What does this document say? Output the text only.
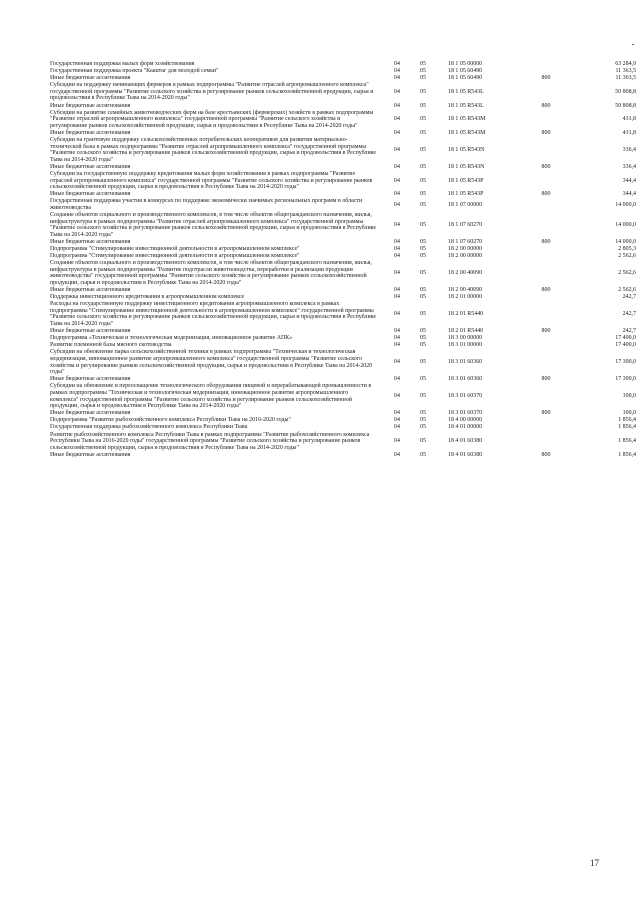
Государственная поддержка малых форм хозяйствования	04	05	18 1 05 00000		63 284,9
Государственная поддержка проекта "Кыштаг для молодой семьи"	04	05	18 1 05 60490		11 363,5
Иные бюджетные ассигнования	04	05	18 1 05 60490	800	11 363,5
Субсидии на поддержку начинающих фермеров в рамках подпрограммы "Развитие отраслей агропромышленного комплекса" государственной программы "Развитие сельского хозяйства и регулирование рынков сельскохозяйственной продукции, сырья и продовольствия в Республике Тыва на 2014-2020 годы"	04	05	18 1 05 R543L		50 808,8
Иные бюджетные ассигнования	04	05	18 1 05 R543L	800	50 808,8
Субсидии на развитие семейных животноводческих ферм на базе крестьянских (фермерских) хозяйств в рамках подпрограммы "Развитие отраслей агропромышленного комплекса" государственной программы "Развитие сельского хозяйства и регулирование рынков сельскохозяйственной продукции, сырья и продовольствия в Республике Тыва на 2014-2020 годы"	04	05	18 1 05 R543M		431,8
Иные бюджетные ассигнования	04	05	18 1 05 R543M	800	431,8
Субсидии на грантовую поддержку сельскохозяйственных потребительских кооперативов для развития материально-технической базы в рамках подпрограммы "Развитие отраслей агропромышленного комплекса" государственной программы "Развитие сельского хозяйства и регулирование рынков сельскохозяйственной продукции, сырья и продовольствия в Республике Тыва на 2014-2020 годы"	04	05	18 1 05 R543N		336,4
Иные бюджетные ассигнования	04	05	18 1 05 R543N	800	336,4
Субсидии на государственную поддержку кредитования малых форм хозяйствования в рамках подпрограммы "Развитие отраслей агропромышленного комплекса" государственной программы "Развитие сельского хозяйства и регулирование рынков сельскохозяйственной продукции, сырья и продовольствия в Республике Тыва на 2014-2020 годы"	04	05	18 1 05 R543P		344,4
Иные бюджетные ассигнования	04	05	18 1 05 R543P	800	344,4
Государственная поддержка участия в конкурсах по поддержке экономически значимых региональных программ в области животноводства	04	05	18 1 07 00000		14 000,0
Создание объектов социального и производственного комплексов, в том числе объектов общегражданского назначения, жилья, инфраструктуры в рамках подпрограммы "Развитие отраслей агропромышленного комплекса" государственной программы "Развитие сельского хозяйства и регулирование рынков сельскохозяйственной продукции, сырья и продовольствия в Республике Тыва на 2014-2020 годы"	04	05	18 1 07 60270		14 000,0
Иные бюджетные ассигнования	04	05	18 1 07 60270	800	14 000,0
Подпрограмма "Стимулирование инвестиционной деятельности в агропромышленном комплексе"	04	05	18 2 00 00000		2 805,3
Подпрограмма "Стимулирование инвестиционной деятельности в агропромышленном комплексе"	04	05	18 2 00 00000		2 562,6
Создание объектов социального и производственного комплексов, в том числе объектов общегражданского назначения, жилья, инфраструктуры в рамках подпрограммы "Развитие подотрасли животноводства, переработки и реализации продукции животноводства" государственной программы "Развитие сельского хозяйства и регулирование рынков сельскохозяйственной продукции, сырья и продовольствия в Республике Тыва на 2014-2020 годы"	04	05	18 2 00 40090		2 562,6
Иные бюджетные ассигнования	04	05	18 2 00 40090	800	2 562,6
Поддержка инвестиционного кредитования в агропромышленном комплексе	04	05	18 2 01 00000		242,7
Расходы на государственную поддержку инвестиционного кредитования агропромышленного комплекса в рамках подпрограммы "Стимулирование инвестиционной деятельности в агропромышленном комплексе" государственной программы "Развитие сельского хозяйства и регулирование рынков сельскохозяйственной продукции, сырья и продовольствия в Республике Тыва на 2014-2020 годы"	04	05	18 2 01 R5440		242,7
Иные бюджетные ассигнования	04	05	18 2 01 R5440	800	242,7
Подпрограмма «Техническая и технологическая модернизация, инновационное развитие АПК»	04	05	18 3 00 00000		17 400,0
Развитие племенной базы мясного скотоводства	04	05	18 3 01 00000		17 400,0
Субсидии на обновление парка сельскохозяйственной техники в рамках подпрограммы "Техническая и технологическая модернизация, инновационное развитие агропромышленного комплекса" государственной программы "Развитие сельского хозяйства и регулирование рынков сельскохозяйственной продукции, сырья и продовольствия в Республике Тыва на 2014-2020 годы"	04	05	18 3 01 60360		17 300,0
Иные бюджетные ассигнования	04	05	18 3 01 60360	800	17 300,0
Субсидии на обновление и переоснащение технологического оборудования пищевой и перерабатывающей промышленности в рамках подпрограммы "Техническая и технологическая модернизация, инновационное развитие агропромышленного комплекса" государственной программы "Развитие сельского хозяйства и регулирование рынков сельскохозяйственной продукции, сырья и продовольствия в Республике Тыва на 2014-2020 годы"	04	05	18 3 01 60370		100,0
Иные бюджетные ассигнования	04	05	18 3 01 60370	800	100,0
Подпрограмма "Развитие рыбохозяйственного комплекса Республики Тыва на 2016-2020 годы"	04	05	18 4 00 00000		1 856,4
Государственная поддержка рыбохозяйственного комплекса Республики Тыва	04	05	18 4 01 00000		1 856,4
Развитие рыбохозяйственного комплекса Республики Тыва в рамках подпрограммы "Развитие рыбохозяйственного комплекса Республики Тыва на 2016-2020 годы" государственной программы "Развитие сельского хозяйства и регулирование рынков сельскохозяйственной продукции, сырья и продовольствия в Республике Тыва на 2014-2020 годы"	04	05	18 4 01 60380		1 856,4
Иные бюджетные ассигнования	04	05	18 4 01 60380	800	1 856,4
17
